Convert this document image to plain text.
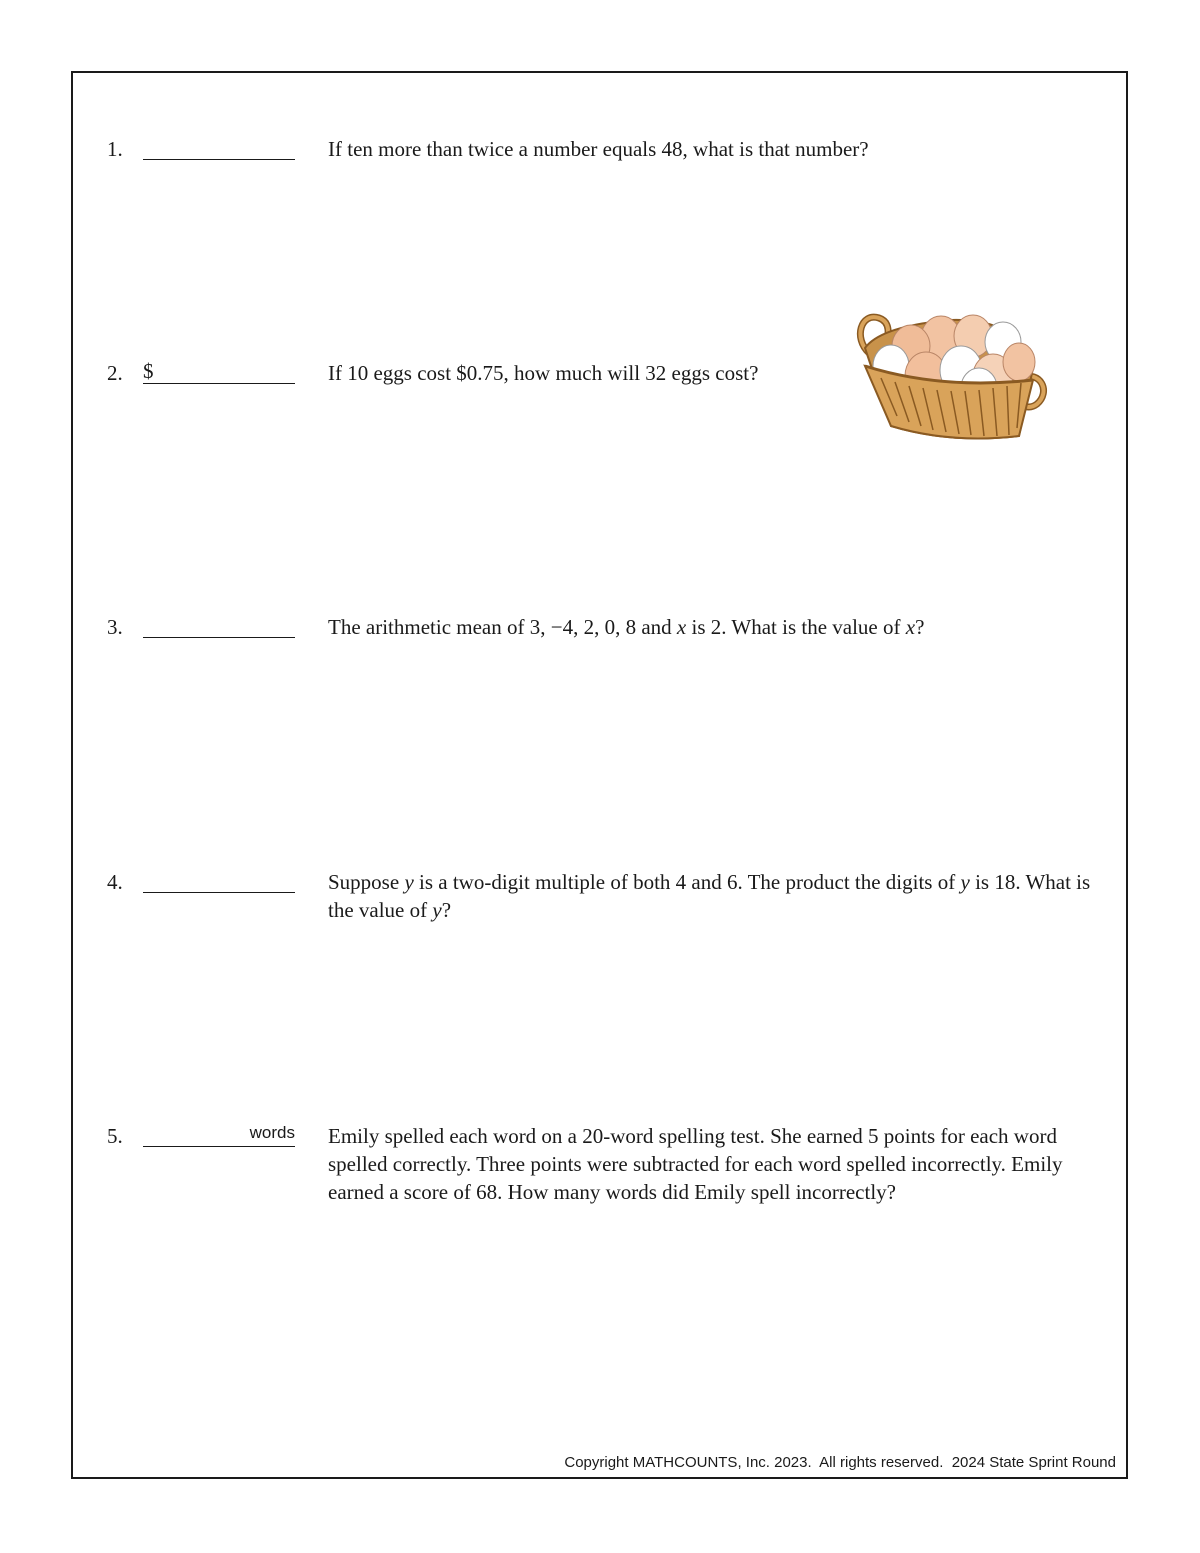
1.	If ten more than twice a number equals 48, what is that number?
2. $	If 10 eggs cost $0.75, how much will 32 eggs cost?
3.	The arithmetic mean of 3, −4, 2, 0, 8 and x is 2. What is the value of x?
4.	Suppose y is a two-digit multiple of both 4 and 6. The product the digits of y is 18. What is the value of y?
5.	words Emily spelled each word on a 20-word spelling test. She earned 5 points for each word spelled correctly. Three points were subtracted for each word spelled incorrectly. Emily earned a score of 68. How many words did Emily spell incorrectly?
Copyright MATHCOUNTS, Inc. 2023.  All rights reserved.  2024 State Sprint Round
